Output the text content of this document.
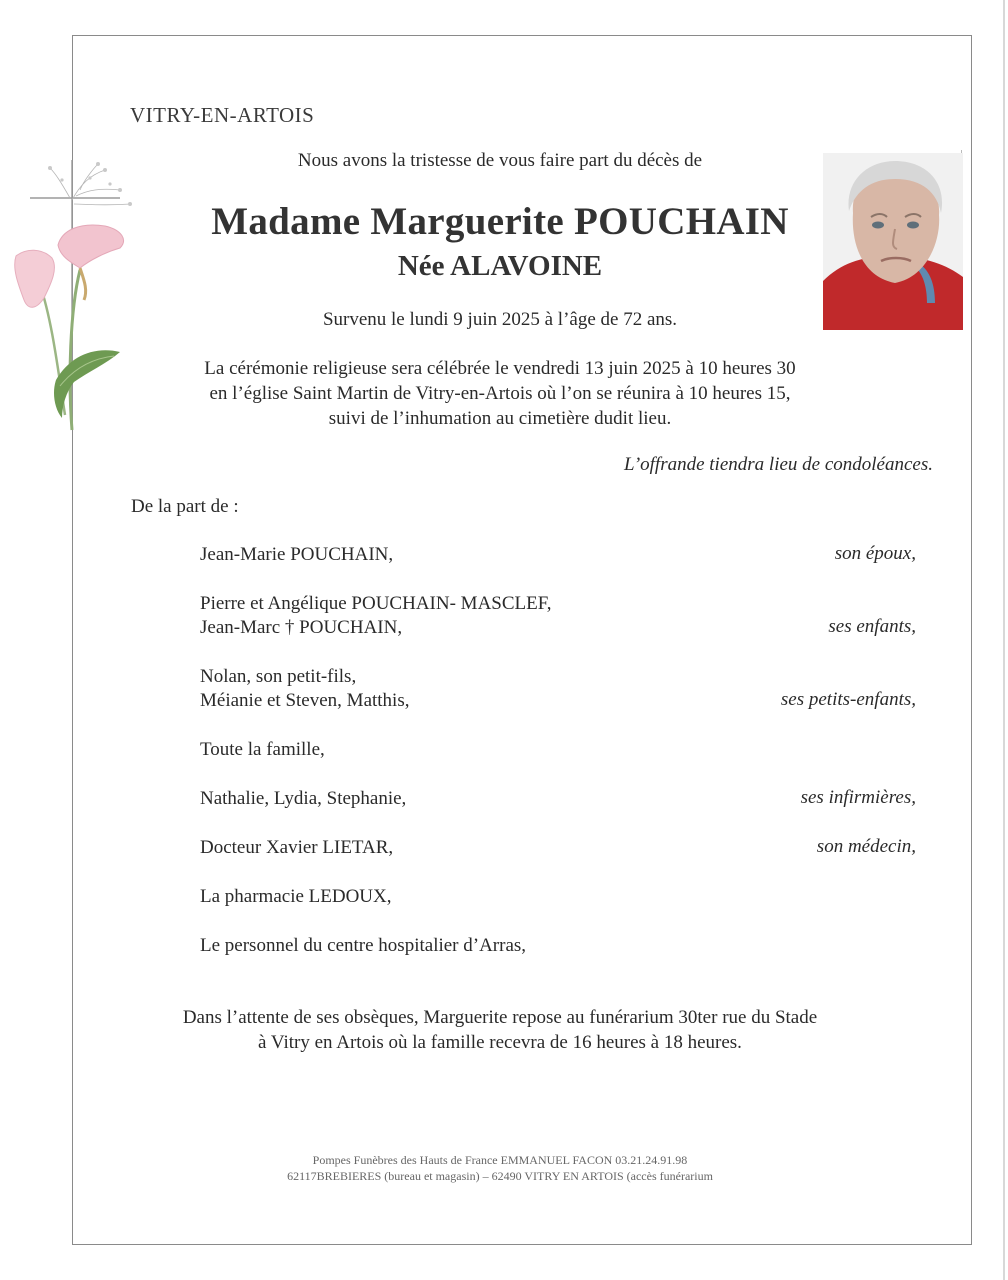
VITRY-EN-ARTOIS
Nous avons la tristesse de vous faire part du décès de
Madame Marguerite POUCHAIN
Née ALAVOINE
Survenu le lundi 9 juin 2025 à l’âge de 72 ans.
La cérémonie religieuse sera célébrée le vendredi 13 juin 2025 à 10 heures 30
en l’église Saint Martin de Vitry-en-Artois où l’on se réunira à 10 heures 15,
suivi de l’inhumation au cimetière dudit lieu.
L’offrande tiendra lieu de condoléances.
De la part de :
Jean-Marie POUCHAIN,	son époux,
Pierre et Angélique POUCHAIN- MASCLEF,
Jean-Marc † POUCHAIN,	ses enfants,
Nolan, son petit-fils,
Méianie et Steven, Matthis,	ses petits-enfants,
Toute la famille,
Nathalie, Lydia, Stephanie,	ses infirmières,
Docteur Xavier LIETAR,	son médecin,
La pharmacie LEDOUX,
Le personnel du centre hospitalier d’Arras,
Dans l’attente de ses obsèques, Marguerite repose au funérarium 30ter rue du Stade
à Vitry en Artois où la famille recevra de 16 heures à 18 heures.
Pompes Funèbres des Hauts de France EMMANUEL FACON 03.21.24.91.98
62117BREBIERES (bureau et magasin) – 62490 VITRY EN ARTOIS (accès funérarium
